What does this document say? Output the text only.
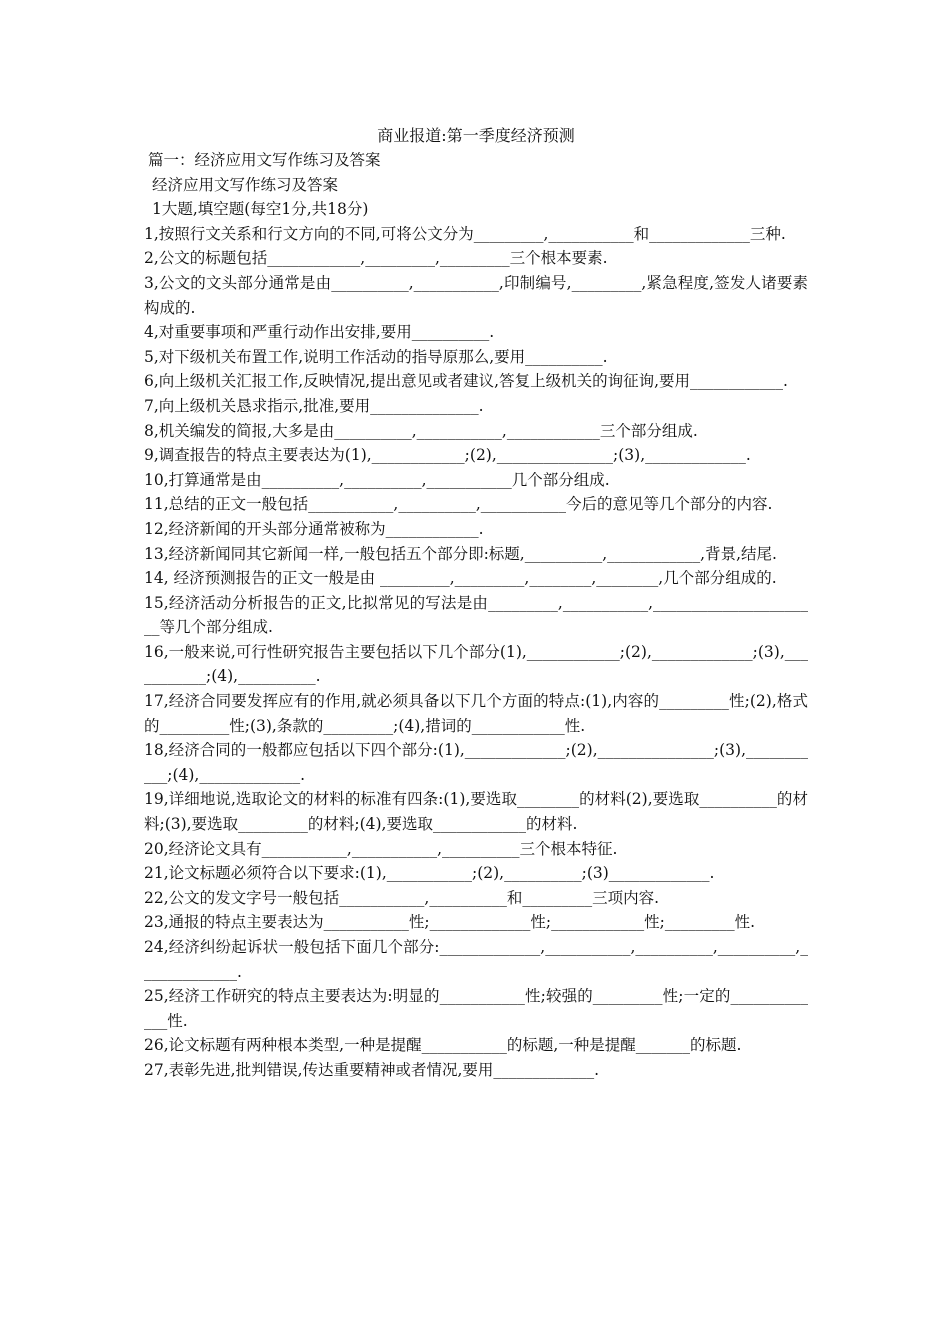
商业报道:第一季度经济预测
篇一：经济应用文写作练习及答案
经济应用文写作练习及答案
1大题,填空题(每空1分,共18分)
1,按照行文关系和行文方向的不同,可将公文分为_________,___________和_____________三种.
2,公文的标题包括____________,_________,_________三个根本要素.
3,公文的文头部分通常是由__________,___________,印制编号,_________,紧急程度,签发人诸要素构成的.
4,对重要事项和严重行动作出安排,要用__________.
5,对下级机关布置工作,说明工作活动的指导原那么,要用__________.
6,向上级机关汇报工作,反映情况,提出意见或者建议,答复上级机关的询征询,要用____________.
7,向上级机关恳求指示,批准,要用______________.
8,机关编发的简报,大多是由__________,___________,____________三个部分组成.
9,调查报告的特点主要表达为(1),____________;(2),_______________;(3),_____________.
10,打算通常是由__________,__________,___________几个部分组成.
11,总结的正文一般包括___________,__________,___________今后的意见等几个部分的内容.
12,经济新闻的开头部分通常被称为____________.
13,经济新闻同其它新闻一样,一般包括五个部分即:标题,__________,____________,背景,结尾.
14, 经济预测报告的正文一般是由 _________,_________,________,________,几个部分组成的.
15,经济活动分析报告的正文,比拟常见的写法是由_________,___________,______________________等几个部分组成.
16,一般来说,可行性研究报告主要包括以下几个部分(1),____________;(2),_____________;(3),___________;(4),__________.
17,经济合同要发挥应有的作用,就必须具备以下几个方面的特点:(1),内容的_________性;(2),格式的_________性;(3),条款的_________;(4),措词的____________性.
18,经济合同的一般都应包括以下四个部分:(1),_____________;(2),_______________;(3),___________;(4),_____________.
19,详细地说,选取论文的材料的标准有四条:(1),要选取________的材料(2),要选取__________的材料;(3),要选取_________的材料;(4),要选取____________的材料.
20,经济论文具有___________,___________,__________三个根本特征.
21,论文标题必须符合以下要求:(1),___________;(2),__________;(3)_____________.
22,公文的发文字号一般包括___________,__________和_________三项内容.
23,通报的特点主要表达为___________性;_____________性;____________性;_________性.
24,经济纠纷起诉状一般包括下面几个部分:_____________,___________,__________,__________,_____________.
25,经济工作研究的特点主要表达为:明显的___________性;较强的_________性;一定的_____________性.
26,论文标题有两种根本类型,一种是提醒___________的标题,一种是提醒_______的标题.
27,表彰先进,批判错误,传达重要精神或者情况,要用_____________.
